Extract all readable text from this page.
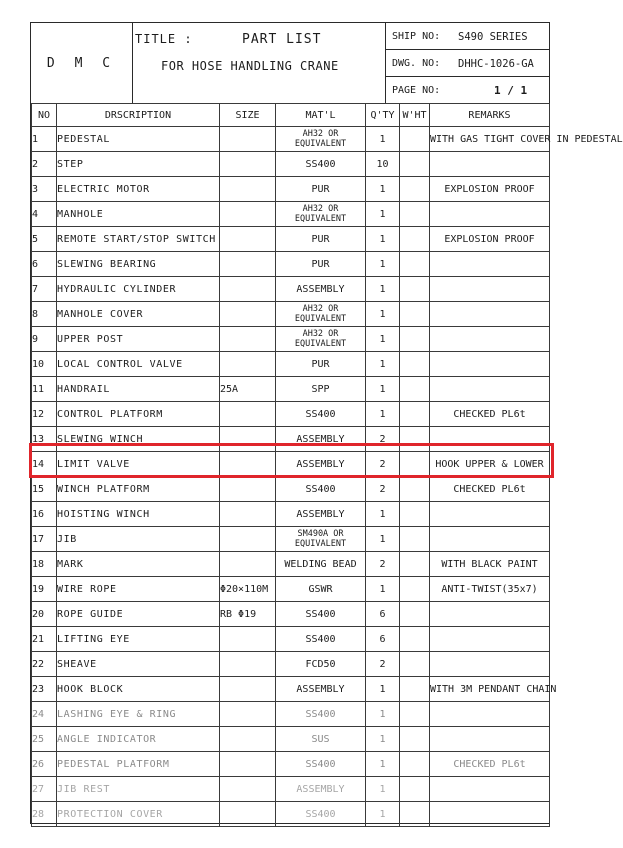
D M C
TITLE :	PART LIST
FOR HOSE HANDLING CRANE
SHIP NO: S490 SERIES
DWG. NO: DHHC-1026-GA
PAGE NO:	1 / 1
NO	DRSCRIPTION	SIZE	MAT'L	Q'TY	W'HT	REMARKS
1	PEDESTAL		AH32 OR EQUIVALENT	1		WITH GAS TIGHT COVER IN PEDESTAL
2	STEP		SS400	10		
3	ELECTRIC MOTOR		PUR	1		EXPLOSION PROOF
4	MANHOLE		AH32 OR EQUIVALENT	1		
5	REMOTE START/STOP SWITCH		PUR	1		EXPLOSION PROOF
6	SLEWING BEARING		PUR	1		
7	HYDRAULIC CYLINDER		ASSEMBLY	1		
8	MANHOLE COVER		AH32 OR EQUIVALENT	1		
9	UPPER POST		AH32 OR EQUIVALENT	1		
10	LOCAL CONTROL VALVE		PUR	1		
11	HANDRAIL	25A	SPP	1		
12	CONTROL PLATFORM		SS400	1		CHECKED PL6t
13	SLEWING WINCH		ASSEMBLY	2		
14	LIMIT VALVE		ASSEMBLY	2		HOOK UPPER & LOWER
15	WINCH PLATFORM		SS400	2		CHECKED PL6t
16	HOISTING WINCH		ASSEMBLY	1		
17	JIB		SM490A OR EQUIVALENT	1		
18	MARK		WELDING BEAD	2		WITH BLACK PAINT
19	WIRE ROPE	Φ20×110M	GSWR	1		ANTI-TWIST(35x7)
20	ROPE GUIDE	RB Φ19	SS400	6		
21	LIFTING EYE		SS400	6		
22	SHEAVE		FCD50	2		
23	HOOK BLOCK		ASSEMBLY	1		WITH 3M PENDANT CHAIN
24	LASHING EYE & RING		SS400	1		
25	ANGLE INDICATOR		SUS	1		
26	PEDESTAL PLATFORM		SS400	1		CHECKED PL6t
27	JIB REST		ASSEMBLY	1		
28	PROTECTION COVER		SS400	1		
